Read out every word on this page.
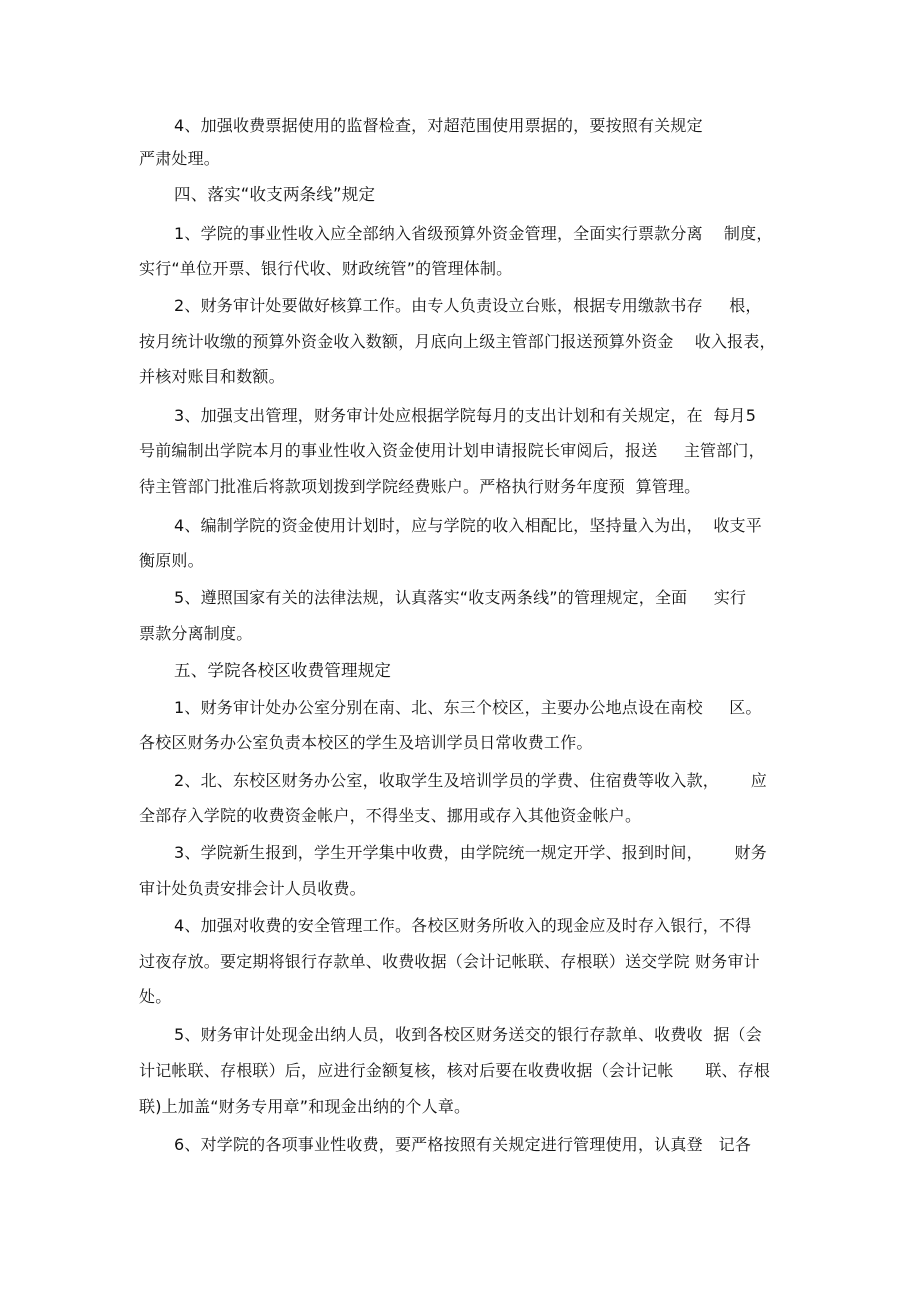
4、加强收费票据使用的监督检查，对超范围使用票据的，要按照有关规定
严肃处理。
四、落实“收支两条线”规定
1、学院的事业性收入应全部纳入省级预算外资金管理，全面实行票款分离    制度，
实行“单位开票、银行代收、财政统管”的管理体制。
2、财务审计处要做好核算工作。由专人负责设立台账，根据专用缴款书存     根，
按月统计收缴的预算外资金收入数额，月底向上级主管部门报送预算外资金    收入报表，
并核对账目和数额。
3、加强支出管理，财务审计处应根据学院每月的支出计划和有关规定，在  每月5
号前编制出学院本月的事业性收入资金使用计划申请报院长审阅后，报送     主管部门，
待主管部门批准后将款项划拨到学院经费账户。严格执行财务年度预  算管理。
4、编制学院的资金使用计划时，应与学院的收入相配比，坚持量入为出，  收支平
衡原则。
5、遵照国家有关的法律法规，认真落实“收支两条线”的管理规定，全面     实行
票款分离制度。
五、学院各校区收费管理规定
1、财务审计处办公室分别在南、北、东三个校区，主要办公地点设在南校     区。
各校区财务办公室负责本校区的学生及培训学员日常收费工作。
2、北、东校区财务办公室，收取学生及培训学员的学费、住宿费等收入款，      应
全部存入学院的收费资金帐户，不得坐支、挪用或存入其他资金帐户。
3、学院新生报到，学生开学集中收费，由学院统一规定开学、报到时间，      财务
审计处负责安排会计人员收费。
4、加强对收费的安全管理工作。各校区财务所收入的现金应及时存入银行，不得
过夜存放。要定期将银行存款单、收费收据（会计记帐联、存根联）送交学院 财务审计
处。
5、财务审计处现金出纳人员，收到各校区财务送交的银行存款单、收费收  据（会
计记帐联、存根联）后，应进行金额复核，核对后要在收费收据（会计记帐      联、存根
联)上加盖“财务专用章”和现金出纳的个人章。
6、对学院的各项事业性收费，要严格按照有关规定进行管理使用，认真登   记各
